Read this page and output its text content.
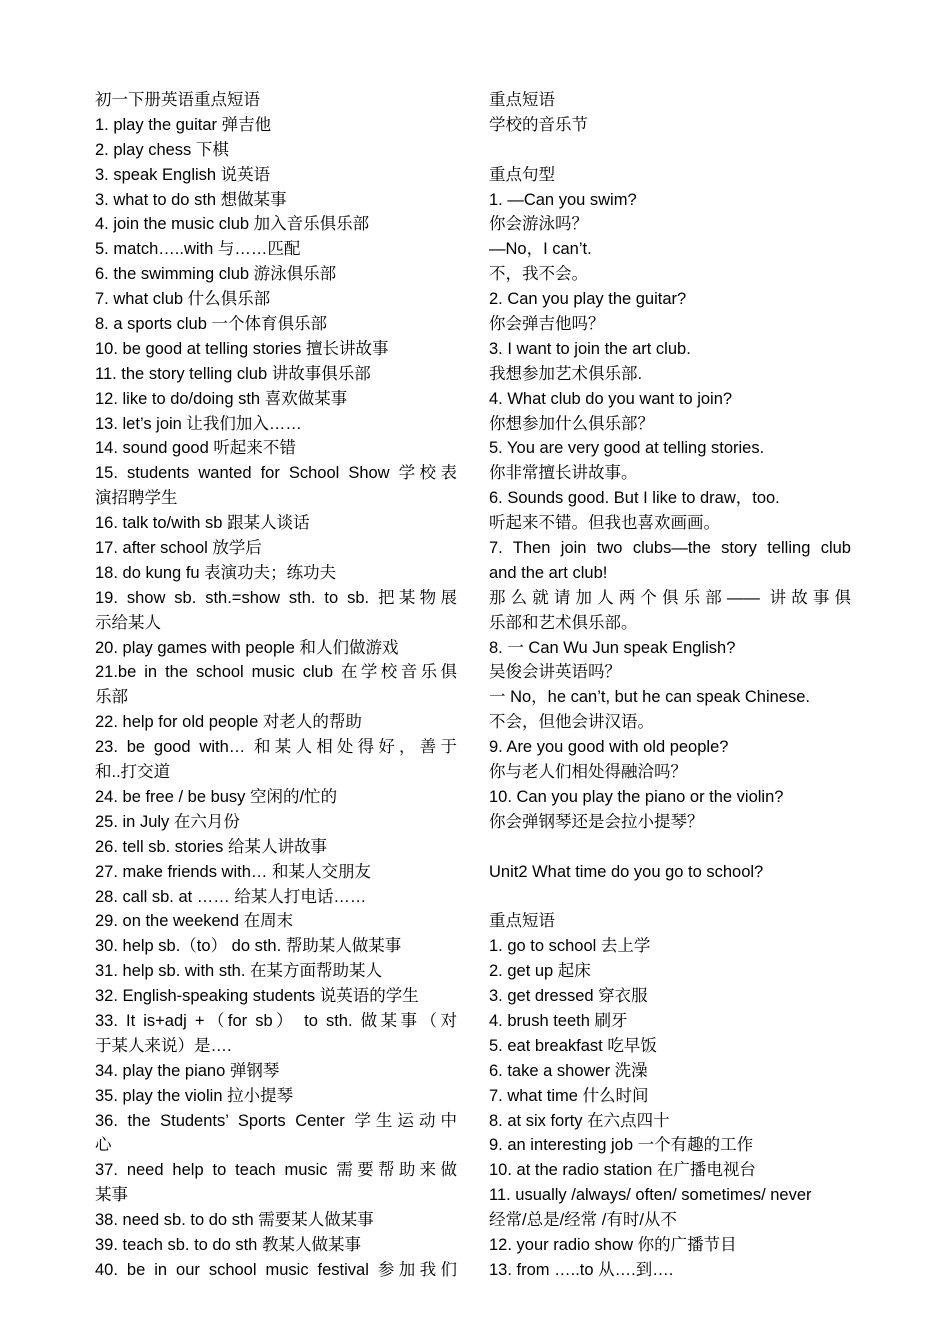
初一下册英语重点短语
1. play the guitar 弹吉他
2. play chess 下棋
3. speak English 说英语
3. what to do sth 想做某事
4. join the music club 加入音乐俱乐部
5. match…..with 与……匹配
6. the swimming club 游泳俱乐部
7. what club 什么俱乐部
8. a sports club 一个体育俱乐部
10. be good at telling stories 擅长讲故事
11. the story telling club 讲故事俱乐部
12. like to do/doing sth 喜欢做某事
13. let’s join 让我们加入……
14. sound good 听起来不错
15. students wanted for School Show 学校表
演招聘学生
16. talk to/with sb 跟某人谈话
17. after school 放学后
18. do kung fu 表演功夫；练功夫
19. show sb. sth.=show sth. to sb. 把某物展
示给某人
20. play games with people 和人们做游戏
21.be in the school music club 在学校音乐俱
乐部
22. help for old people 对老人的帮助
23. be good with… 和某人相处得好，善于
和..打交道
24. be free / be busy 空闲的/忙的
25. in July 在六月份
26. tell sb. stories 给某人讲故事
27. make friends with… 和某人交朋友
28. call sb. at …… 给某人打电话……
29. on the weekend 在周末
30. help sb.（to） do sth. 帮助某人做某事
31. help sb. with sth. 在某方面帮助某人
32. English-speaking students 说英语的学生
33. It is+adj +（for sb） to sth. 做某事（对
于某人来说）是….
34. play the piano 弹钢琴
35. play the violin 拉小提琴
36. the Students’ Sports Center 学生运动中
心
37. need help to teach music 需要帮助来做
某事
38. need sb. to do sth 需要某人做某事
39. teach sb. to do sth 教某人做某事
40. be in our school music festival 参加我们
重点短语
学校的音乐节
重点句型
1. —Can you swim?
你会游泳吗？
—No，I can’t.
不，我不会。
2. Can you play the guitar?
你会弹吉他吗？
3. I want to join the art club.
我想参加艺术俱乐部.
4. What club do you want to join?
你想参加什么俱乐部？
5. You are very good at telling stories.
你非常擅长讲故事。
6. Sounds good. But I like to draw，too.
听起来不错。但我也喜欢画画。
7. Then join two clubs—the story telling club
and the art club!
那么就请加人两个俱乐部—— 讲故事俱
乐部和艺术俱乐部。
8. 一 Can Wu Jun speak English?
吴俊会讲英语吗？
一 No，he can’t, but he can speak Chinese.
不会，但他会讲汉语。
9. Are you good with old people?
你与老人们相处得融洽吗？
10. Can you play the piano or the violin?
你会弹钢琴还是会拉小提琴？
Unit2 What time do you go to school?
重点短语
1. go to school 去上学
2. get up 起床
3. get dressed 穿衣服
4. brush teeth 刷牙
5. eat breakfast 吃早饭
6. take a shower 洗澡
7. what time 什么时间
8. at six forty 在六点四十
9. an interesting job 一个有趣的工作
10. at the radio station 在广播电视台
11. usually /always/ often/ sometimes/ never
经常/总是/经常 /有时/从不
12. your radio show 你的广播节目
13. from …..to 从….到….
